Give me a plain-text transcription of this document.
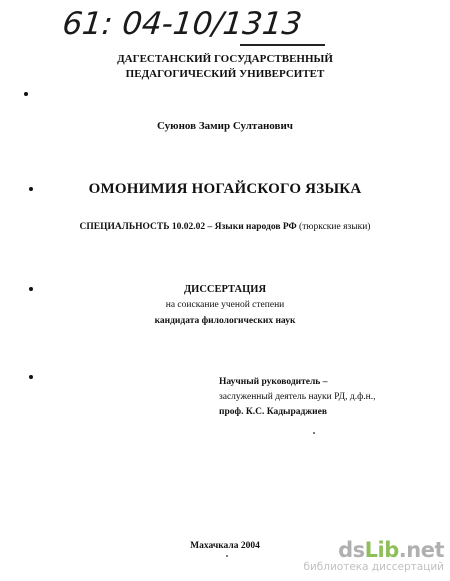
61: 04-10/1313
ДАГЕСТАНСКИЙ ГОСУДАРСТВЕННЫЙ
ПЕДАГОГИЧЕСКИЙ УНИВЕРСИТЕТ
Суюнов Замир Султанович
ОМОНИМИЯ НОГАЙСКОГО ЯЗЫКА
СПЕЦИАЛЬНОСТЬ 10.02.02 – Языки народов РФ (тюркские языки)
ДИССЕРТАЦИЯ
на соискание ученой степени
кандидата филологических наук
Научный руководитель –
заслуженный деятель науки РД, д.ф.н.,
проф. К.С. Кадыраджиев
Махачкала 2004	dsLib.net
библиотека диссертаций
